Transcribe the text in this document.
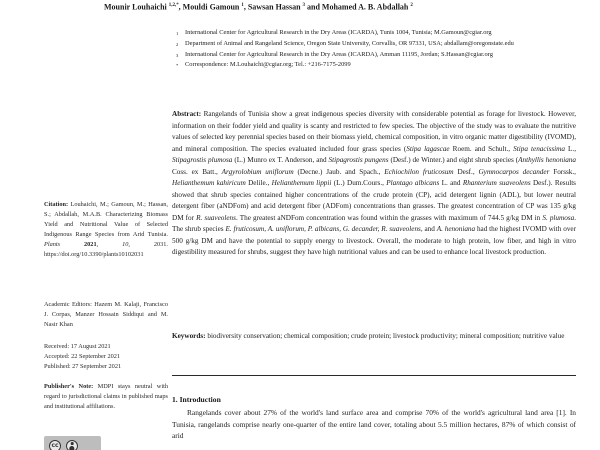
Mounir Louhaichi $^{1,2,*}$, Mouldi Gamoun $^1$, Sawsan Hassan $^3$ and Mohamed A. B. Abdallah $^2$
1	International Center for Agricultural Research in the Dry Areas (ICARDA), Tunis 1004, Tunisia; M.Gamoun@cgiar.org
2	Department of Animal and Rangeland Science, Oregon State University, Corvallis, OR 97331, USA; abdallam@oregonstate.edu
3	International Center for Agricultural Research in the Dry Areas (ICARDA), Amman 11195, Jordan; S.Hassan@cgiar.org
*	Correspondence: M.Louhaichi@cgiar.org; Tel.: +216-7175-2099
Abstract: Rangelands of Tunisia show a great indigenous species diversity with considerable potential as forage for livestock. However, information on their fodder yield and quality is scanty and restricted to few species. The objective of the study was to evaluate the nutritive values of selected key perennial species based on their biomass yield, chemical composition, in vitro organic matter digestibility (IVOMD), and mineral composition. The species evaluated included four grass species (Stipa lagascae Roem. and Schult., Stipa tenacissima L., Stipagrostis plumosa (L.) Munro ex T. Anderson, and Stipagrostis pungens (Desf.) de Winter.) and eight shrub species (Anthyllis henoniana Coss. ex Batt., Argyrolobium uniflorum (Decne.) Jaub. and Spach., Echiochilon fruticosum Desf., Gymnocarpos decander Forssk., Helianthemum kahiricum Delile., Helianthemum lippii (L.) Dum.Cours., Plantago albicans L. and Rhanterium suaveolens Desf.). Results showed that shrub species contained higher concentrations of the crude protein (CP), acid detergent lignin (ADL), but lower neutral detergent fiber (aNDFom) and acid detergent fiber (ADFom) concentrations than grasses. The greatest concentration of CP was 135 g/kg DM for R. suaveolens. The greatest aNDFom concentration was found within the grasses with maximum of 744.5 g/kg DM in S. plumosa. The shrub species E. fruticosum, A. uniflorum, P. albicans, G. decander, R. suaveolens, and A. henoniana had the highest IVOMD with over 500 g/kg DM and have the potential to supply energy to livestock. Overall, the moderate to high protein, low fiber, and high in vitro digestibility measured for shrubs, suggest they have high nutritional values and can be used to enhance local livestock production.
Keywords: biodiversity conservation; chemical composition; crude protein; livestock productivity; mineral composition; nutritive value
1. Introduction
Rangelands cover about 27% of the world's land surface area and comprise 70% of the world's agricultural land area [1]. In Tunisia, rangelands comprise nearly one-quarter of the entire land cover, totaling about 5.5 million hectares, 87% of which consist of arid
Citation: Louhaichi, M.; Gamoun, M.; Hassan, S.; Abdallah, M.A.B. Characterizing Biomass Yield and Nutritional Value of Selected Indigenous Range Species from Arid Tunisia. Plants 2021, 10, 2031. https://doi.org/10.3390/plants10102031
Academic Editors: Hazem M. Kalaji, Francisco J. Corpas, Manzer Hossain Siddiqui and M. Nasir Khan
Received: 17 August 2021
Accepted: 22 September 2021
Published: 27 September 2021
Publisher's Note: MDPI stays neutral with regard to jurisdictional claims in published maps and institutional affiliations.
cc
